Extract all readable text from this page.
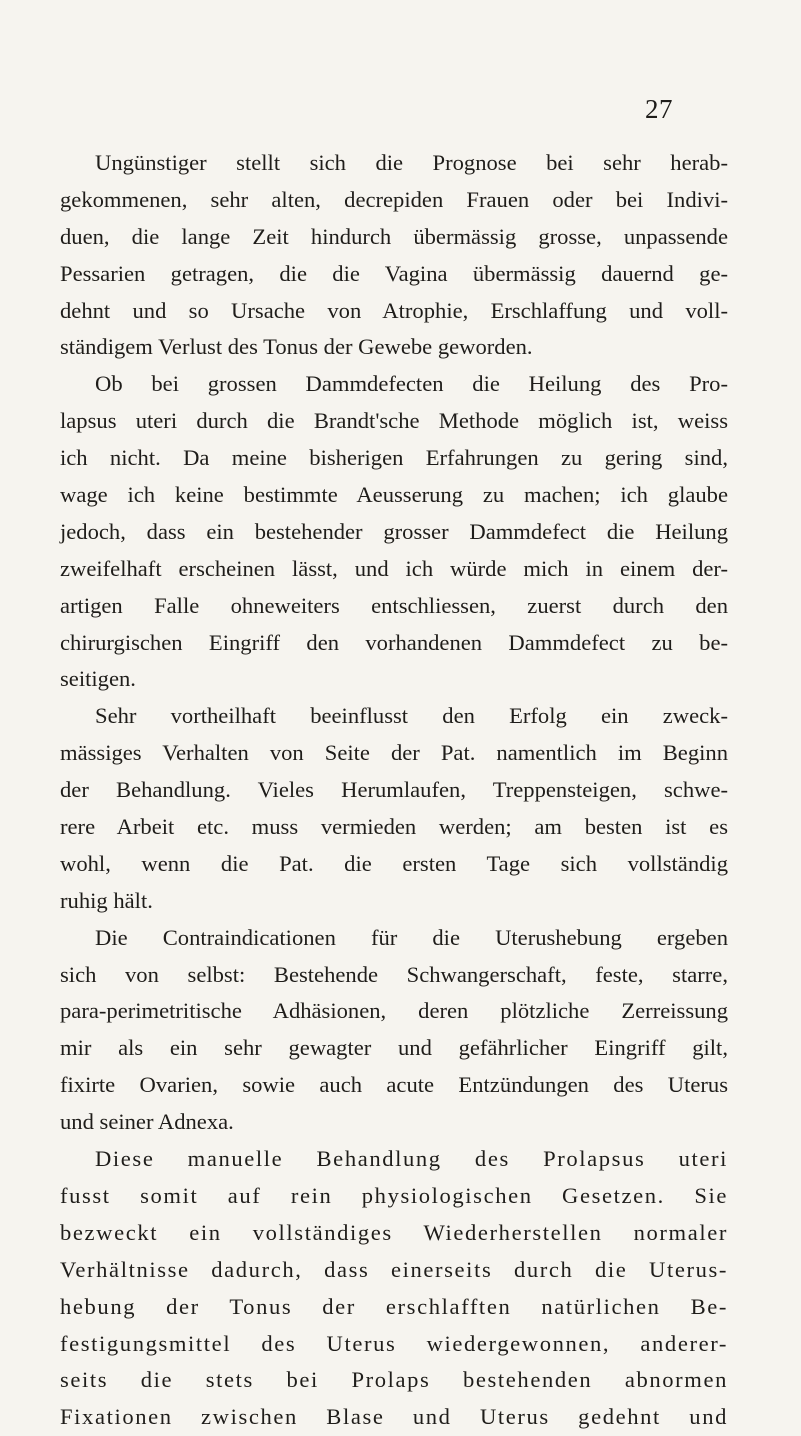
27
Ungünstiger stellt sich die Prognose bei sehr herab-
gekommenen, sehr alten, decrepiden Frauen oder bei Indivi-
duen, die lange Zeit hindurch übermässig grosse, unpassende
Pessarien getragen, die die Vagina übermässig dauernd ge-
dehnt und so Ursache von Atrophie, Erschlaffung und voll-
ständigem Verlust des Tonus der Gewebe geworden.
Ob bei grossen Dammdefecten die Heilung des Pro-
lapsus uteri durch die Brandt'sche Methode möglich ist, weiss
ich nicht. Da meine bisherigen Erfahrungen zu gering sind,
wage ich keine bestimmte Aeusserung zu machen; ich glaube
jedoch, dass ein bestehender grosser Dammdefect die Heilung
zweifelhaft erscheinen lässt, und ich würde mich in einem der-
artigen Falle ohneweiters entschliessen, zuerst durch den
chirurgischen Eingriff den vorhandenen Dammdefect zu be-
seitigen.
Sehr vortheilhaft beeinflusst den Erfolg ein zweck-
mässiges Verhalten von Seite der Pat. namentlich im Beginn
der Behandlung. Vieles Herumlaufen, Treppensteigen, schwe-
rere Arbeit etc. muss vermieden werden; am besten ist es
wohl, wenn die Pat. die ersten Tage sich vollständig
ruhig hält.
Die Contraindicationen für die Uterushebung ergeben
sich von selbst: Bestehende Schwangerschaft, feste, starre,
para-perimetritische Adhäsionen, deren plötzliche Zerreissung
mir als ein sehr gewagter und gefährlicher Eingriff gilt,
fixirte Ovarien, sowie auch acute Entzündungen des Uterus
und seiner Adnexa.
Diese manuelle Behandlung des Prolapsus uteri
fusst somit auf rein physiologischen Gesetzen. Sie
bezweckt ein vollständiges Wiederherstellen normaler
Verhältnisse dadurch, dass einerseits durch die Uterus-
hebung der Tonus der erschlafften natürlichen Be-
festigungsmittel des Uterus wiedergewonnen, anderer-
seits die stets bei Prolaps bestehenden abnormen
Fixationen zwischen Blase und Uterus gedehnt und
